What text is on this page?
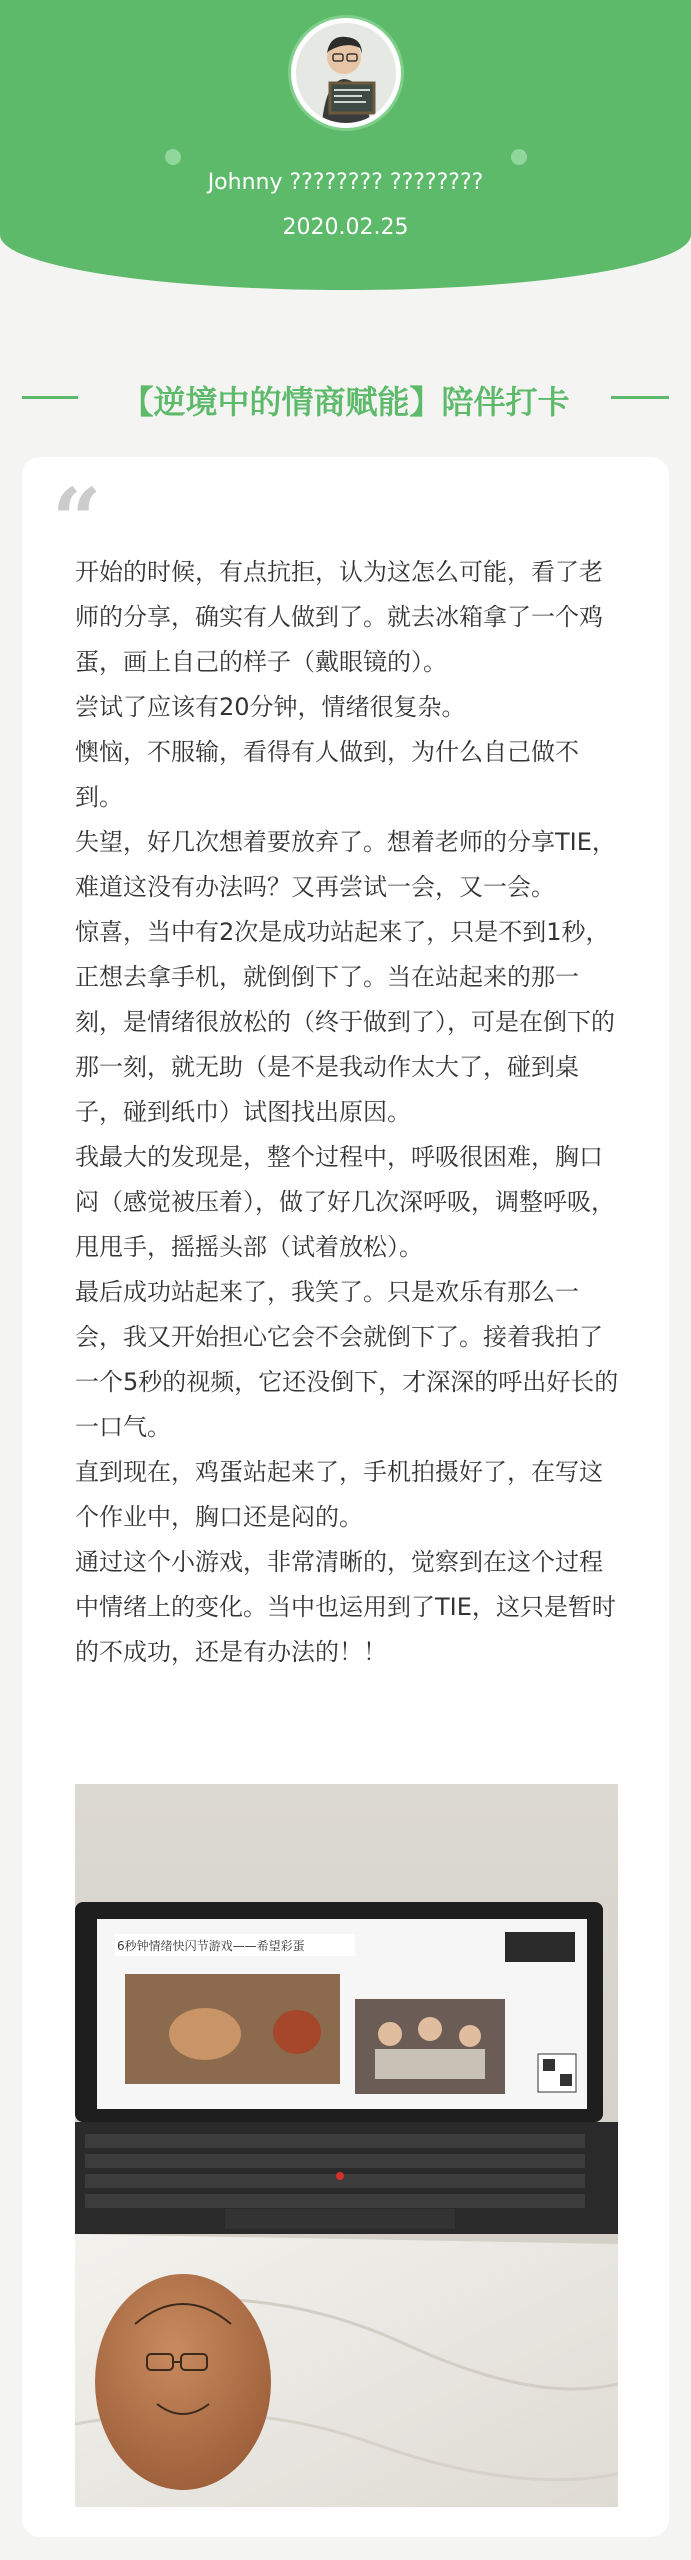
Johnny ???????? ????????
2020.02.25
【逆境中的情商赋能】陪伴打卡
“

开始的时候，有点抗拒，认为这怎么可能，看了老师的分享，确实有人做到了。就去冰箱拿了一个鸡蛋，画上自己的样子（戴眼镜的）。

尝试了应该有20分钟，情绪很复杂。

懊恼，不服输，看得有人做到，为什么自己做不到。

失望，好几次想着要放弃了。想着老师的分享TIE，难道这没有办法吗？又再尝试一会，又一会。

惊喜，当中有2次是成功站起来了，只是不到1秒，正想去拿手机，就倒倒下了。当在站起来的那一刻，是情绪很放松的（终于做到了），可是在倒下的那一刻，就无助（是不是我动作太大了，碰到桌子，碰到纸巾）试图找出原因。

我最大的发现是，整个过程中，呼吸很困难，胸口闷（感觉被压着），做了好几次深呼吸，调整呼吸，甩甩手，摇摇头部（试着放松）。

最后成功站起来了，我笑了。只是欢乐有那么一会，我又开始担心它会不会就倒下了。接着我拍了一个5秒的视频，它还没倒下，才深深的呼出好长的一口气。

直到现在，鸡蛋站起来了，手机拍摄好了，在写这个作业中，胸口还是闷的。

通过这个小游戏，非常清晰的，觉察到在这个过程中情绪上的变化。当中也运用到了TIE，这只是暂时的不成功，还是有办法的！！

6秒钟情绪快闪节游戏——希望彩蛋
